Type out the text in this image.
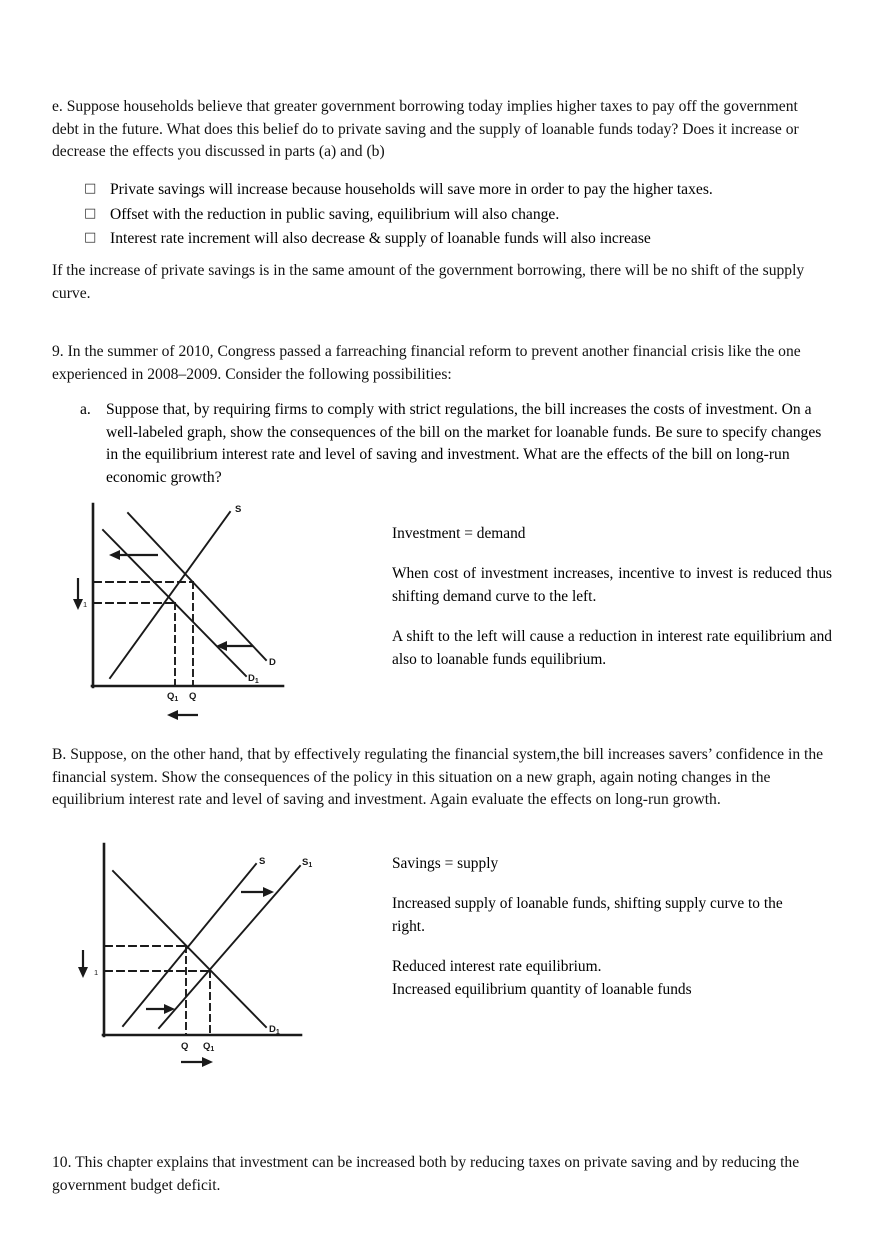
e. Suppose households believe that greater government borrowing today implies higher taxes to pay off the government debt in the future. What does this belief do to private saving and the supply of loanable funds today? Does it increase or decrease the effects you discussed in parts (a) and (b)
□ Private savings will increase because households will save more in order to pay the higher taxes.
□ Offset with the reduction in public saving, equilibrium will also change.
□ Interest rate increment will also decrease & supply of loanable funds will also increase
If the increase of private savings is in the same amount of the government borrowing, there will be no shift of the supply curve.
9. In the summer of 2010, Congress passed a farreaching financial reform to prevent another financial crisis like the one experienced in 2008–2009. Consider the following possibilities:
a. Suppose that, by requiring firms to comply with strict regulations, the bill increases the costs of investment. On a well-labeled graph, show the consequences of the bill on the market for loanable funds. Be sure to specify changes in the equilibrium interest rate and level of saving and investment. What are the effects of the bill on long-run economic growth?
S
D
$D_1$
1
$Q_1$ Q

Investment = demand

When cost of investment increases, incentive to invest is reduced thus shifting demand curve to the left.

A shift to the left will cause a reduction in interest rate equilibrium and also to loanable funds equilibrium.

B. Suppose, on the other hand, that by effectively regulating the financial system,the bill increases savers’ confidence in the financial system. Show the consequences of the policy in this situation on a new graph, again noting changes in the equilibrium interest rate and level of saving and investment. Again evaluate the effects on long-run growth.
S	$S_1$
$D_1$
1
Q $Q_1$

Savings = supply

Increased supply of loanable funds, shifting supply curve to the right.

Reduced interest rate equilibrium.

Increased equilibrium quantity of loanable funds

10. This chapter explains that investment can be increased both by reducing taxes on private saving and by reducing the government budget deficit.
